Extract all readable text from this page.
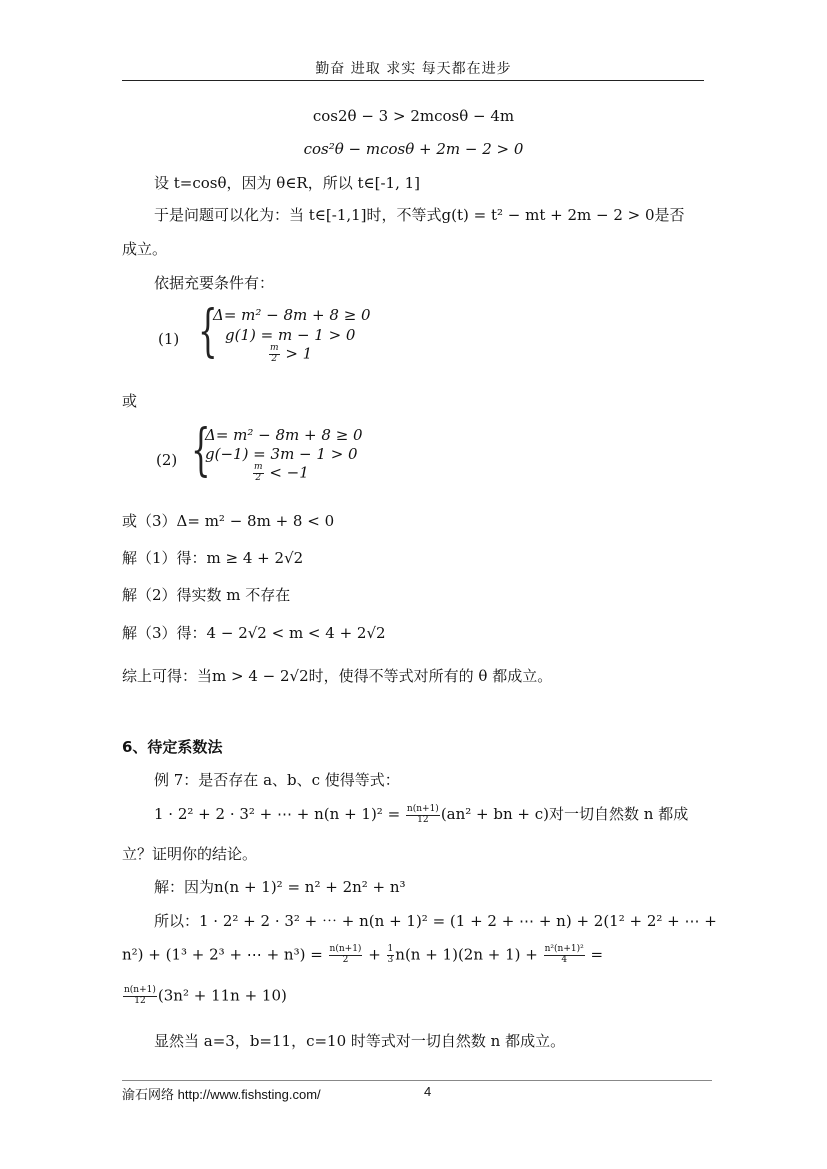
勤奋 进取 求实 每天都在进步
cos2θ − 3 > 2mcosθ − 4m
cos²θ − mcosθ + 2m − 2 > 0
设 t=cosθ，因为 θ∈R，所以 t∈[-1, 1]
于是问题可以化为：当 t∈[-1,1]时，不等式g(t) = t² − mt + 2m − 2 > 0是否
成立。
依据充要条件有：
(1) {
Δ= m² − 8m + 8 ≥ 0
g(1) = m − 1 > 0
$\frac{m}{2} > 1$
或
(2) {
Δ= m² − 8m + 8 ≥ 0
g(−1) = 3m − 1 > 0
$\frac{m}{2} < -1$
或（3）Δ= m² − 8m + 8 < 0
解（1）得：m ≥ 4 + 2√2
解（2）得实数 m 不存在
解（3）得：4 − 2√2 < m < 4 + 2√2
综上可得：当m > 4 − 2√2时，使得不等式对所有的 θ 都成立。
6、待定系数法
例 7：是否存在 a、b、c 使得等式：
1 · 2² + 2 · 3² + ⋯ + $n(n + 1)^2 = \frac{n(n+1)}{12} (an^2$ + bn + c)对一切自然数 n 都成
立？证明你的结论。
解：因为n(n + 1)² = n² + 2n² + n³
所以：1 · 2² + 2 · 3² + ⋯ + n(n + 1)² = (1 + 2 + ⋯ + n) + 2(1² + 2² + ⋯ +
n²) + (1³ + 2³ + ⋯ + $n^3) = \frac{n(n+1)}{2} + \frac{1}{3} n(n + 1)(2n + 1) + \frac{\text{n²(n+1)²}}{4}$ =
$\frac{n(n+1)}{12} (3n^2 + 11n + 10)$
显然当 a=3，b=11，c=10 时等式对一切自然数 n 都成立。
渝石网络 http://www.fishsting.com/	4
